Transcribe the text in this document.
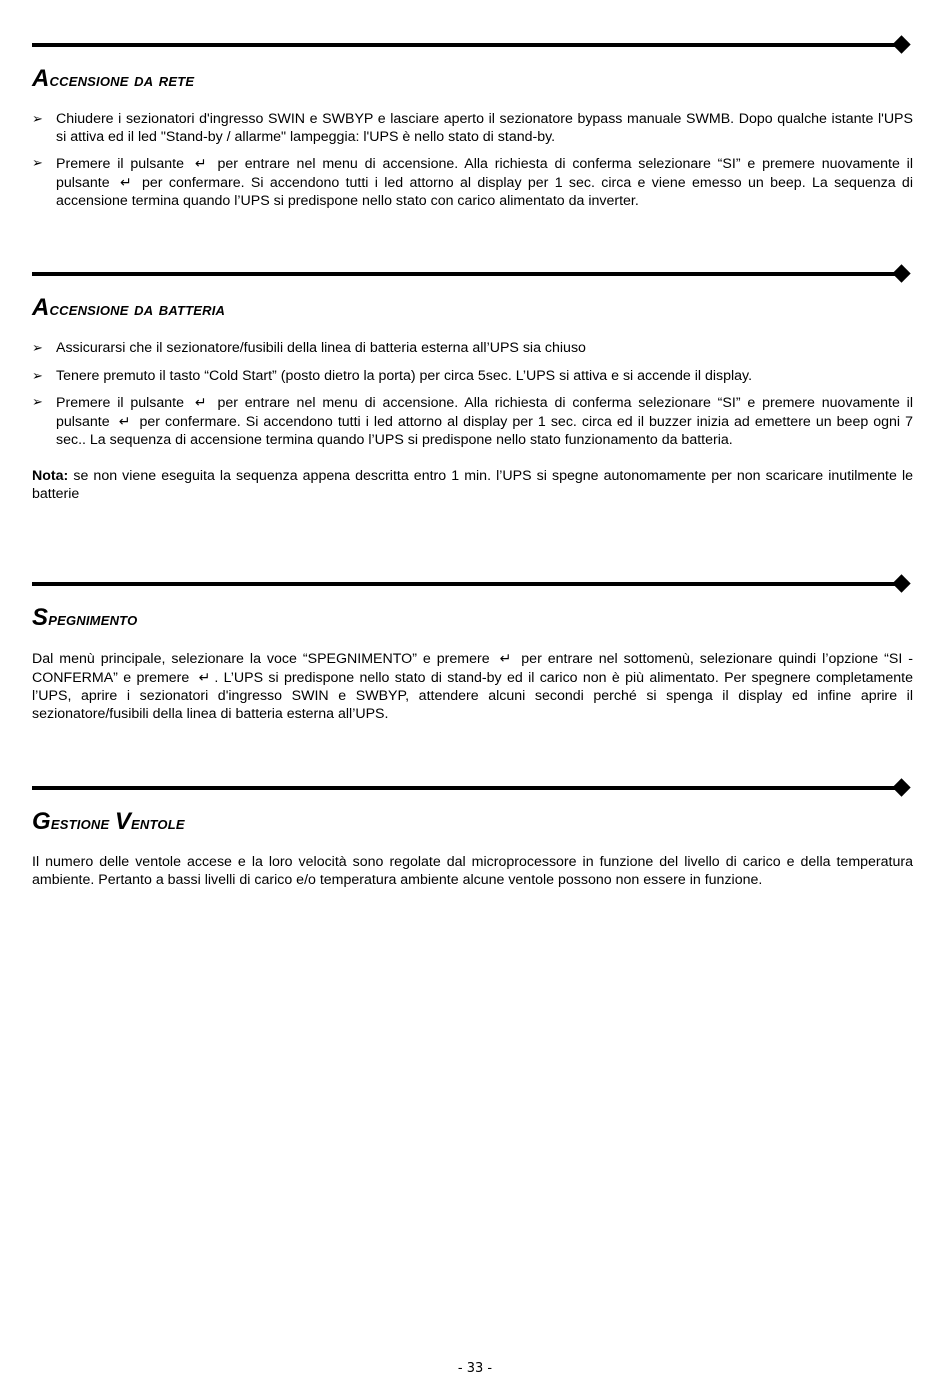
Accensione da rete
➢ Chiudere i sezionatori d'ingresso SWIN e SWBYP e lasciare aperto il sezionatore bypass manuale SWMB. Dopo qualche istante l'UPS si attiva ed il led "Stand-by / allarme" lampeggia: l'UPS è nello stato di stand-by.
➢ Premere il pulsante ↵ per entrare nel menu di accensione. Alla richiesta di conferma selezionare “SI” e premere nuovamente il pulsante ↵ per confermare. Si accendono tutti i led attorno al display per 1 sec. circa e viene emesso un beep. La sequenza di accensione termina quando l’UPS si predispone nello stato con carico alimentato da inverter.
Accensione da batteria
➢ Assicurarsi che il sezionatore/fusibili della linea di batteria esterna all’UPS sia chiuso
➢ Tenere premuto il tasto “Cold Start” (posto dietro la porta) per circa 5sec. L’UPS si attiva e si accende il display.
➢ Premere il pulsante ↵ per entrare nel menu di accensione. Alla richiesta di conferma selezionare “SI” e premere nuovamente il pulsante ↵ per confermare. Si accendono tutti i led attorno al display per 1 sec. circa ed il buzzer inizia ad emettere un beep ogni 7 sec.. La sequenza di accensione termina quando l’UPS si predispone nello stato funzionamento da batteria.

Nota: se non viene eseguita la sequenza appena descritta entro 1 min. l’UPS si spegne autonomamente per non scaricare inutilmente le batterie

Spegnimento

Dal menù principale, selezionare la voce “SPEGNIMENTO” e premere ↵ per entrare nel sottomenù, selezionare quindi l’opzione “SI - CONFERMA” e premere ↵ . L’UPS si predispone nello stato di stand-by ed il carico non è più alimentato. Per spegnere completamente l’UPS, aprire i sezionatori d'ingresso SWIN e SWBYP, attendere alcuni secondi perché si spenga il display ed infine aprire il sezionatore/fusibili della linea di batteria esterna all’UPS.

Gestione Ventole

Il numero delle ventole accese e la loro velocità sono regolate dal microprocessore in funzione del livello di carico e della temperatura ambiente. Pertanto a bassi livelli di carico e/o temperatura ambiente alcune ventole possono non essere in funzione.

- 33 -
